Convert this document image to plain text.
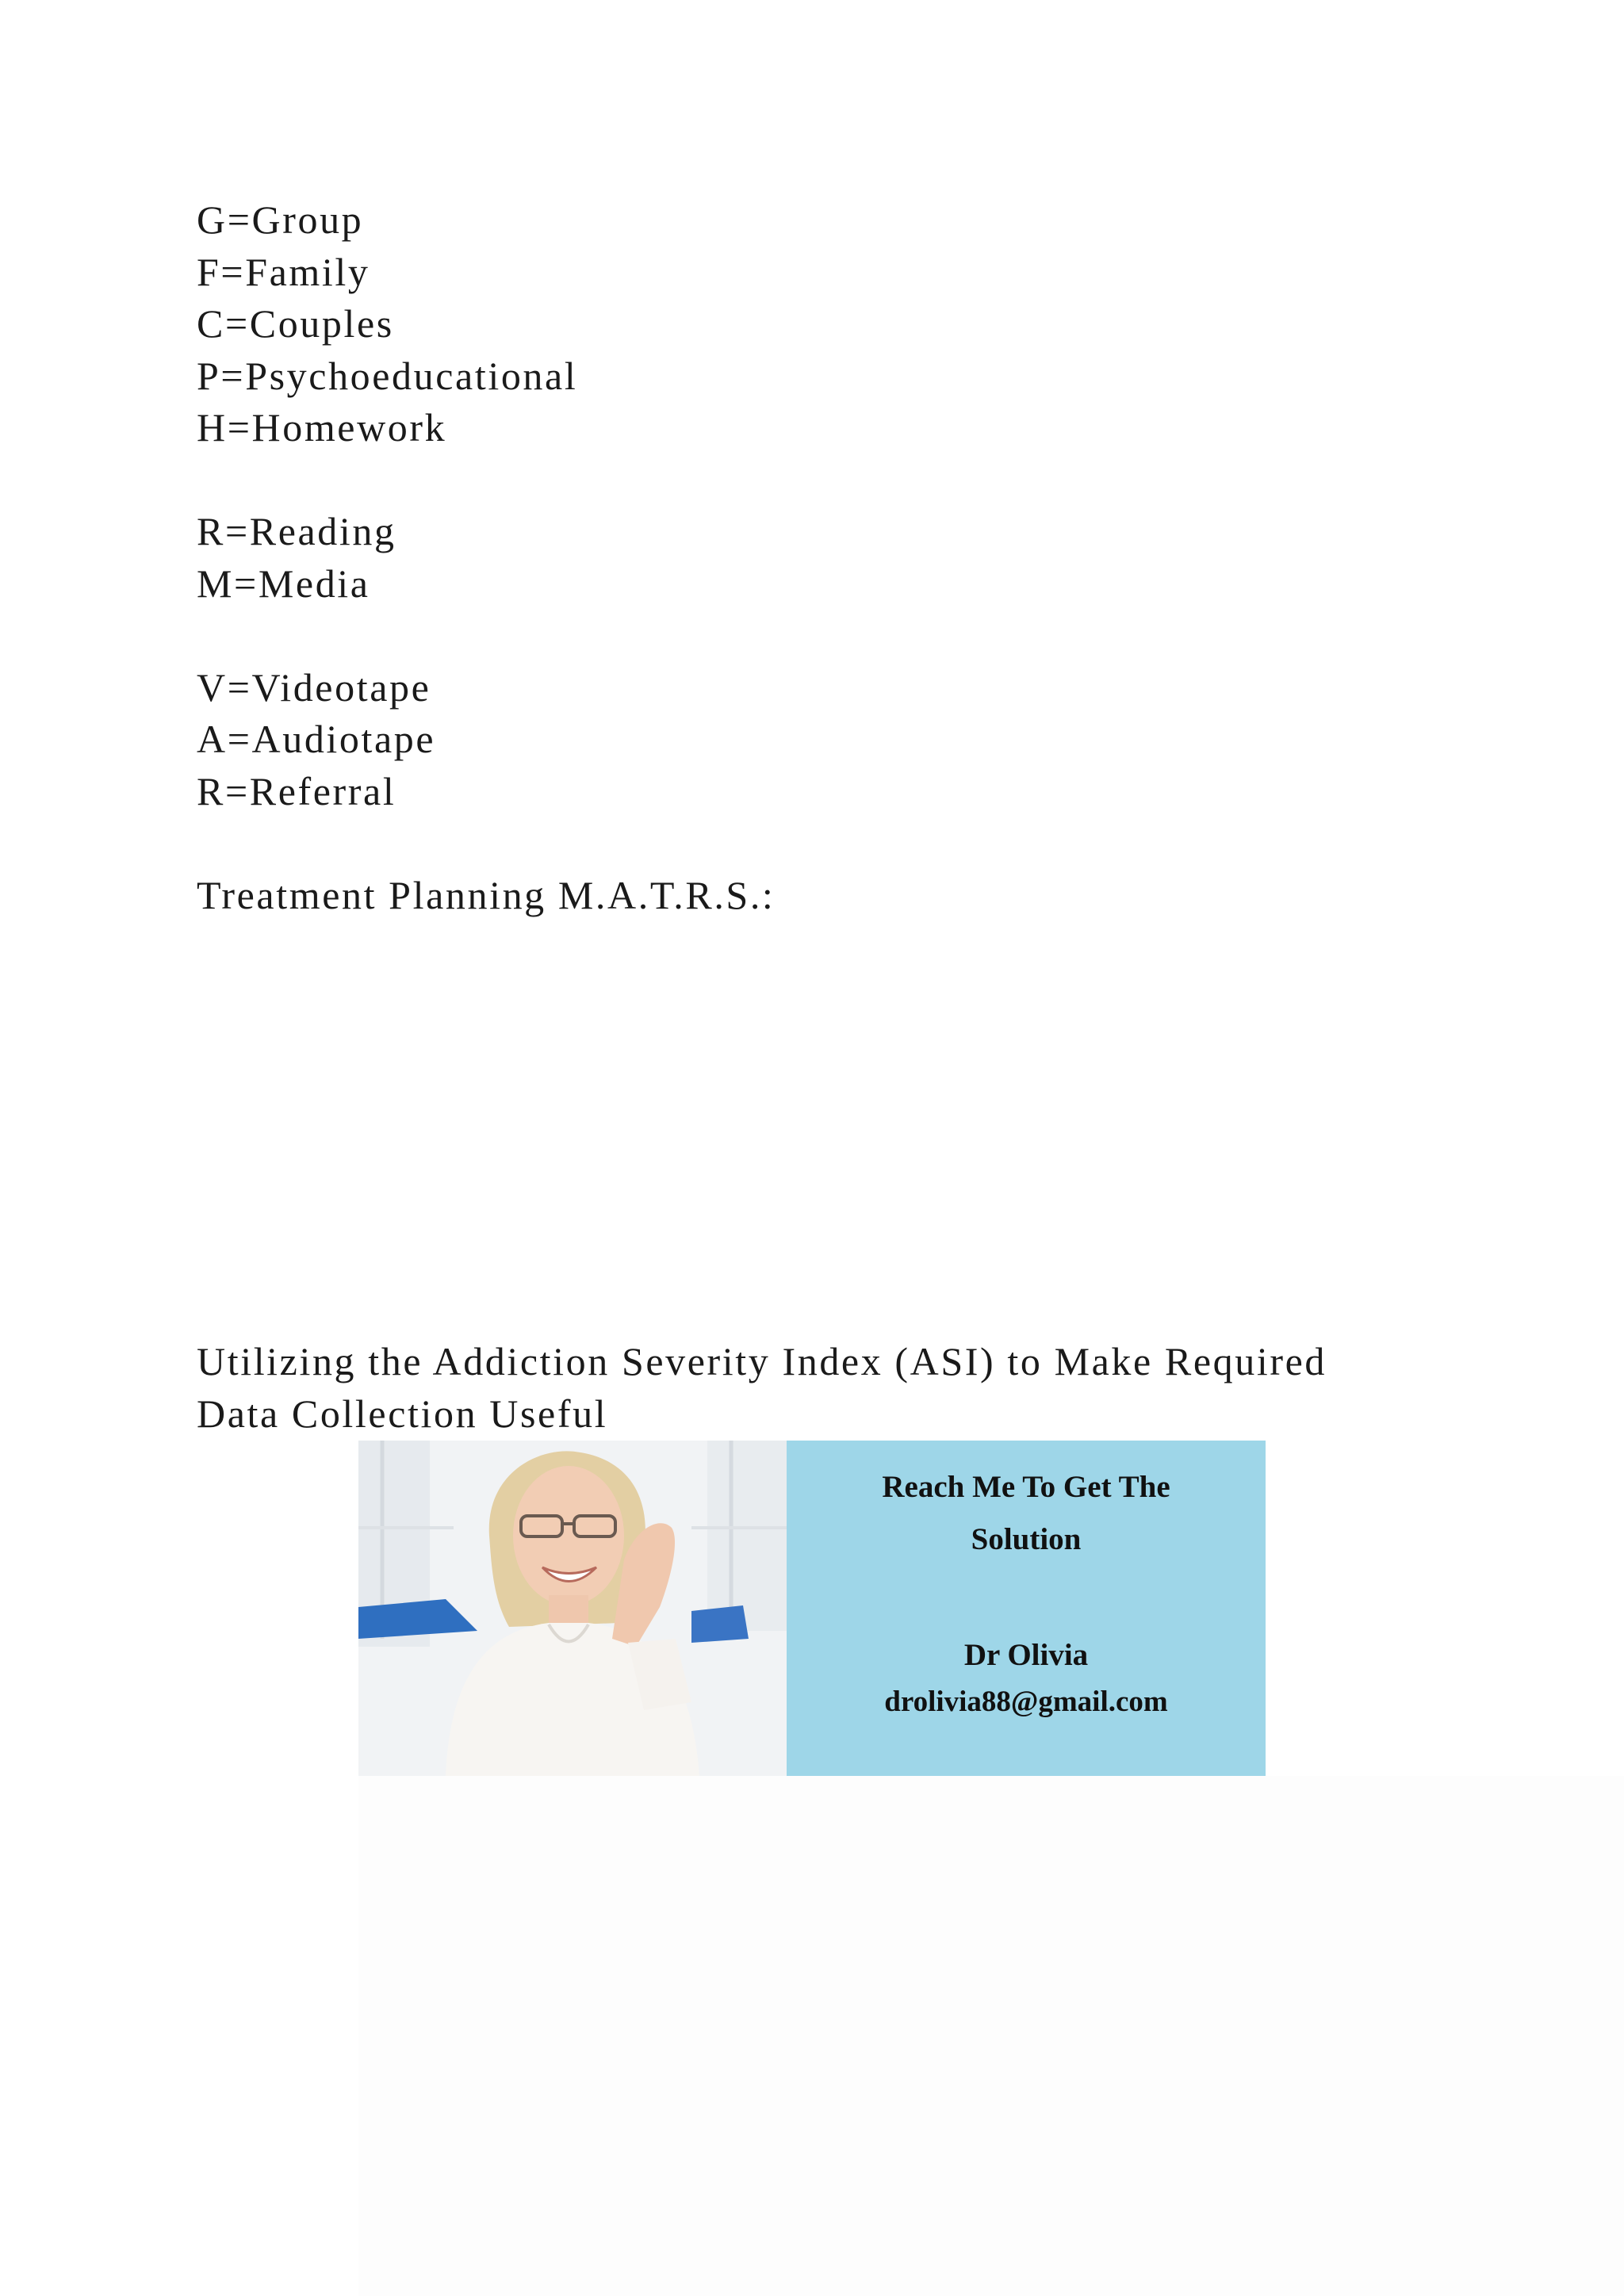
G=Group
F=Family
C=Couples
P=Psychoeducational
H=Homework
R=Reading
M=Media
V=Videotape
A=Audiotape
R=Referral
Treatment Planning M.A.T.R.S.:
Utilizing the Addiction Severity Index (ASI) to Make Required
Data Collection Useful
Reach Me To Get The
Solution
Dr Olivia
drolivia88@gmail.com
